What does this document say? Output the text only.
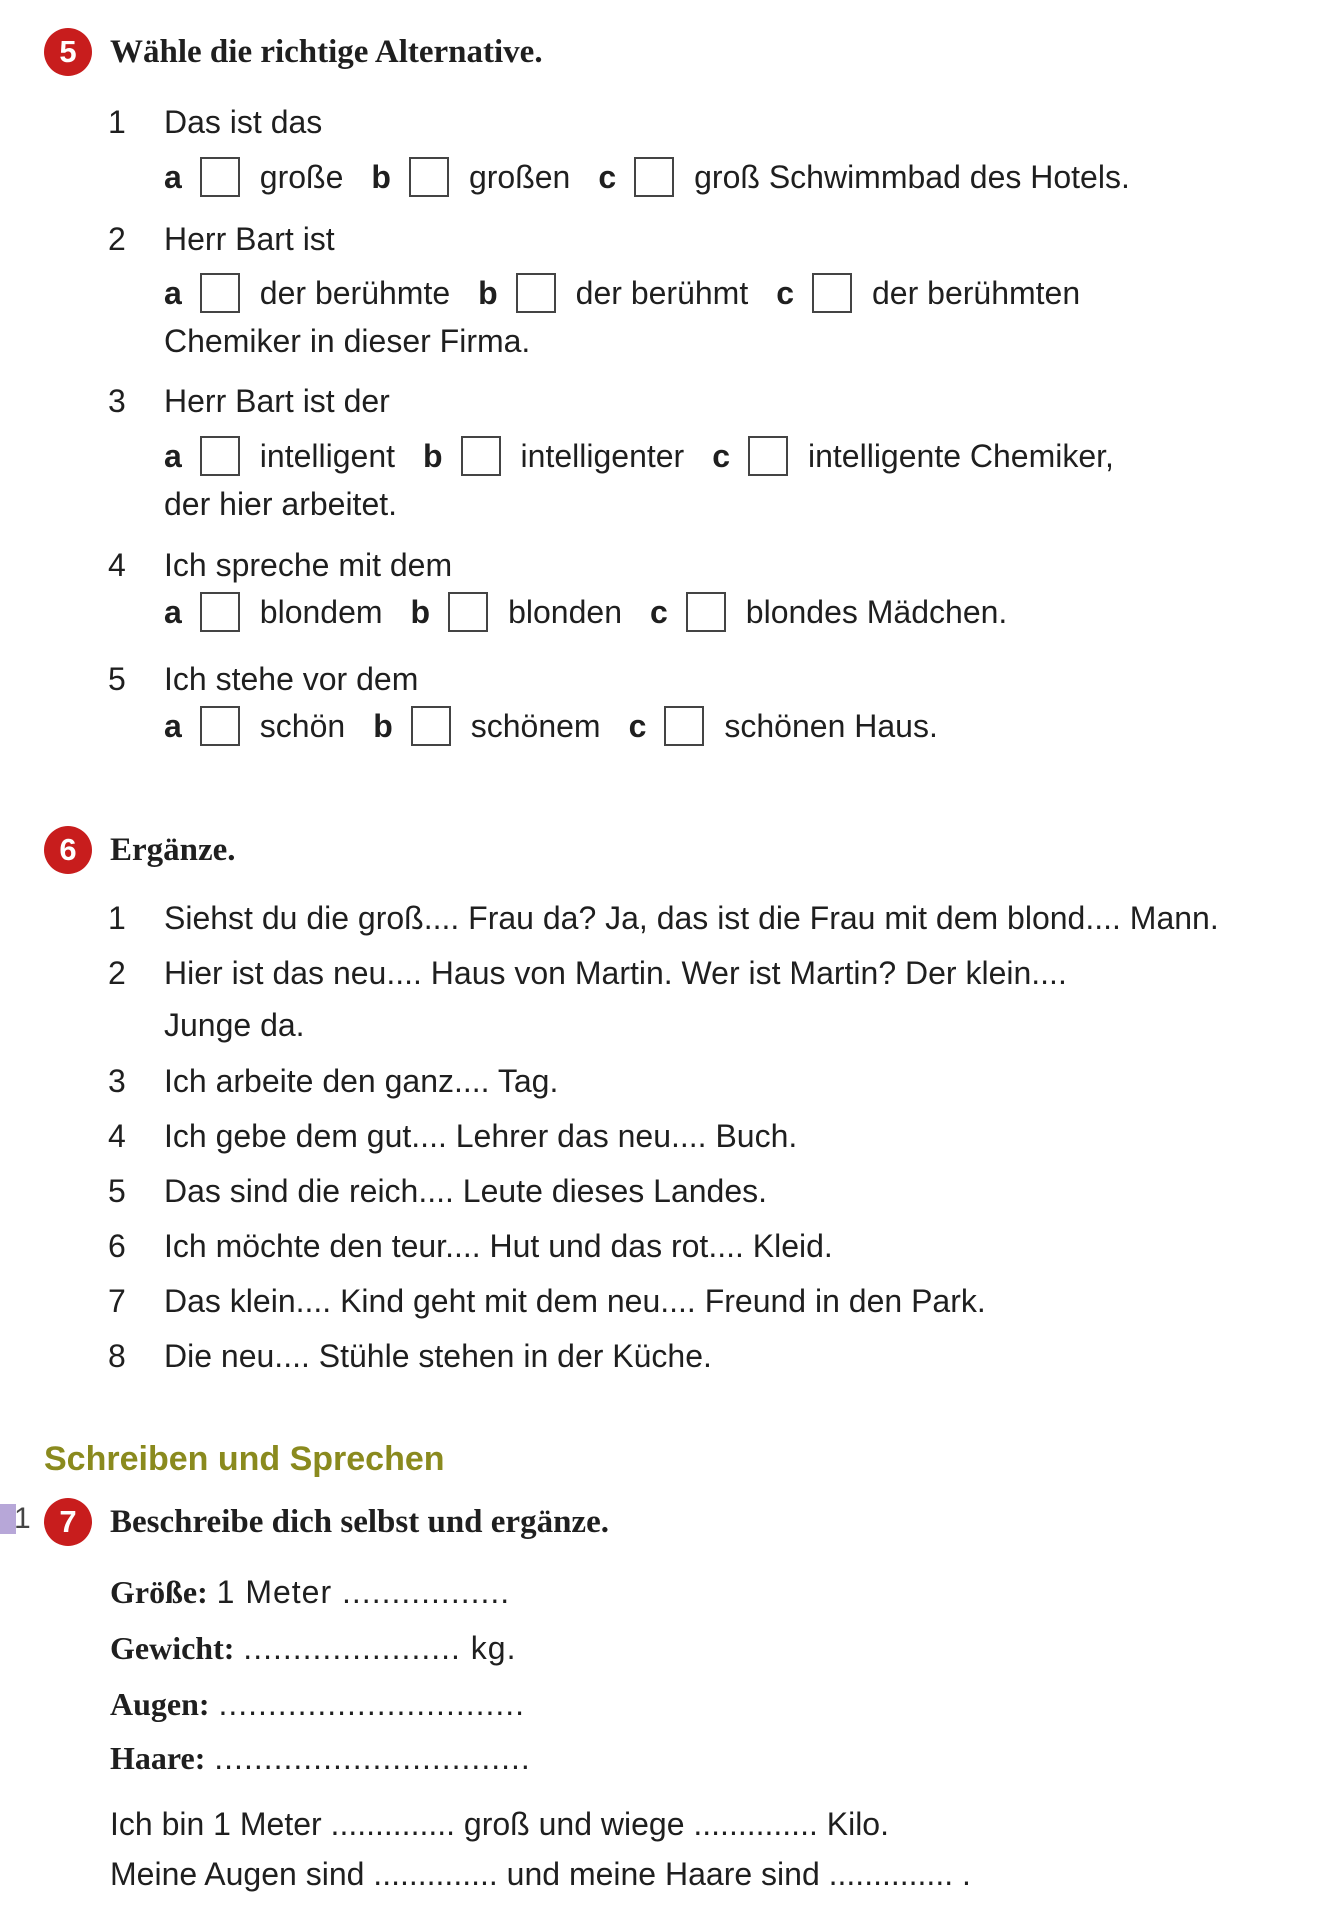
5	Wähle die richtige Alternative.
1 Das ist das
a große b großen c groß Schwimmbad des Hotels.
2 Herr Bart ist
a der berühmte b der berühmt c der berühmten
Chemiker in dieser Firma.
3 Herr Bart ist der
a intelligent b intelligenter c intelligente Chemiker,
der hier arbeitet.
4 Ich spreche mit dem
a blondem b blonden c blondes Mädchen.
5 Ich stehe vor dem
a schön b schönem c schönen Haus.
6	Ergänze.
1 Siehst du die groß.... Frau da? Ja, das ist die Frau mit dem blond.... Mann.
2 Hier ist das neu.... Haus von Martin. Wer ist Martin? Der klein....
Junge da.
3 Ich arbeite den ganz.... Tag.
4 Ich gebe dem gut.... Lehrer das neu.... Buch.
5 Das sind die reich.... Leute dieses Landes.
6 Ich möchte den teur.... Hut und das rot.... Kleid.
7 Das klein.... Kind geht mit dem neu.... Freund in den Park.
8 Die neu.... Stühle stehen in der Küche.
Schreiben und Sprechen
1 7	Beschreibe dich selbst und ergänze.
Größe: 1 Meter .................
Gewicht: ...................... kg.
Augen: ...............................
Haare: ................................
Ich bin 1 Meter .............. groß und wiege .............. Kilo.
Meine Augen sind .............. und meine Haare sind .............. .
